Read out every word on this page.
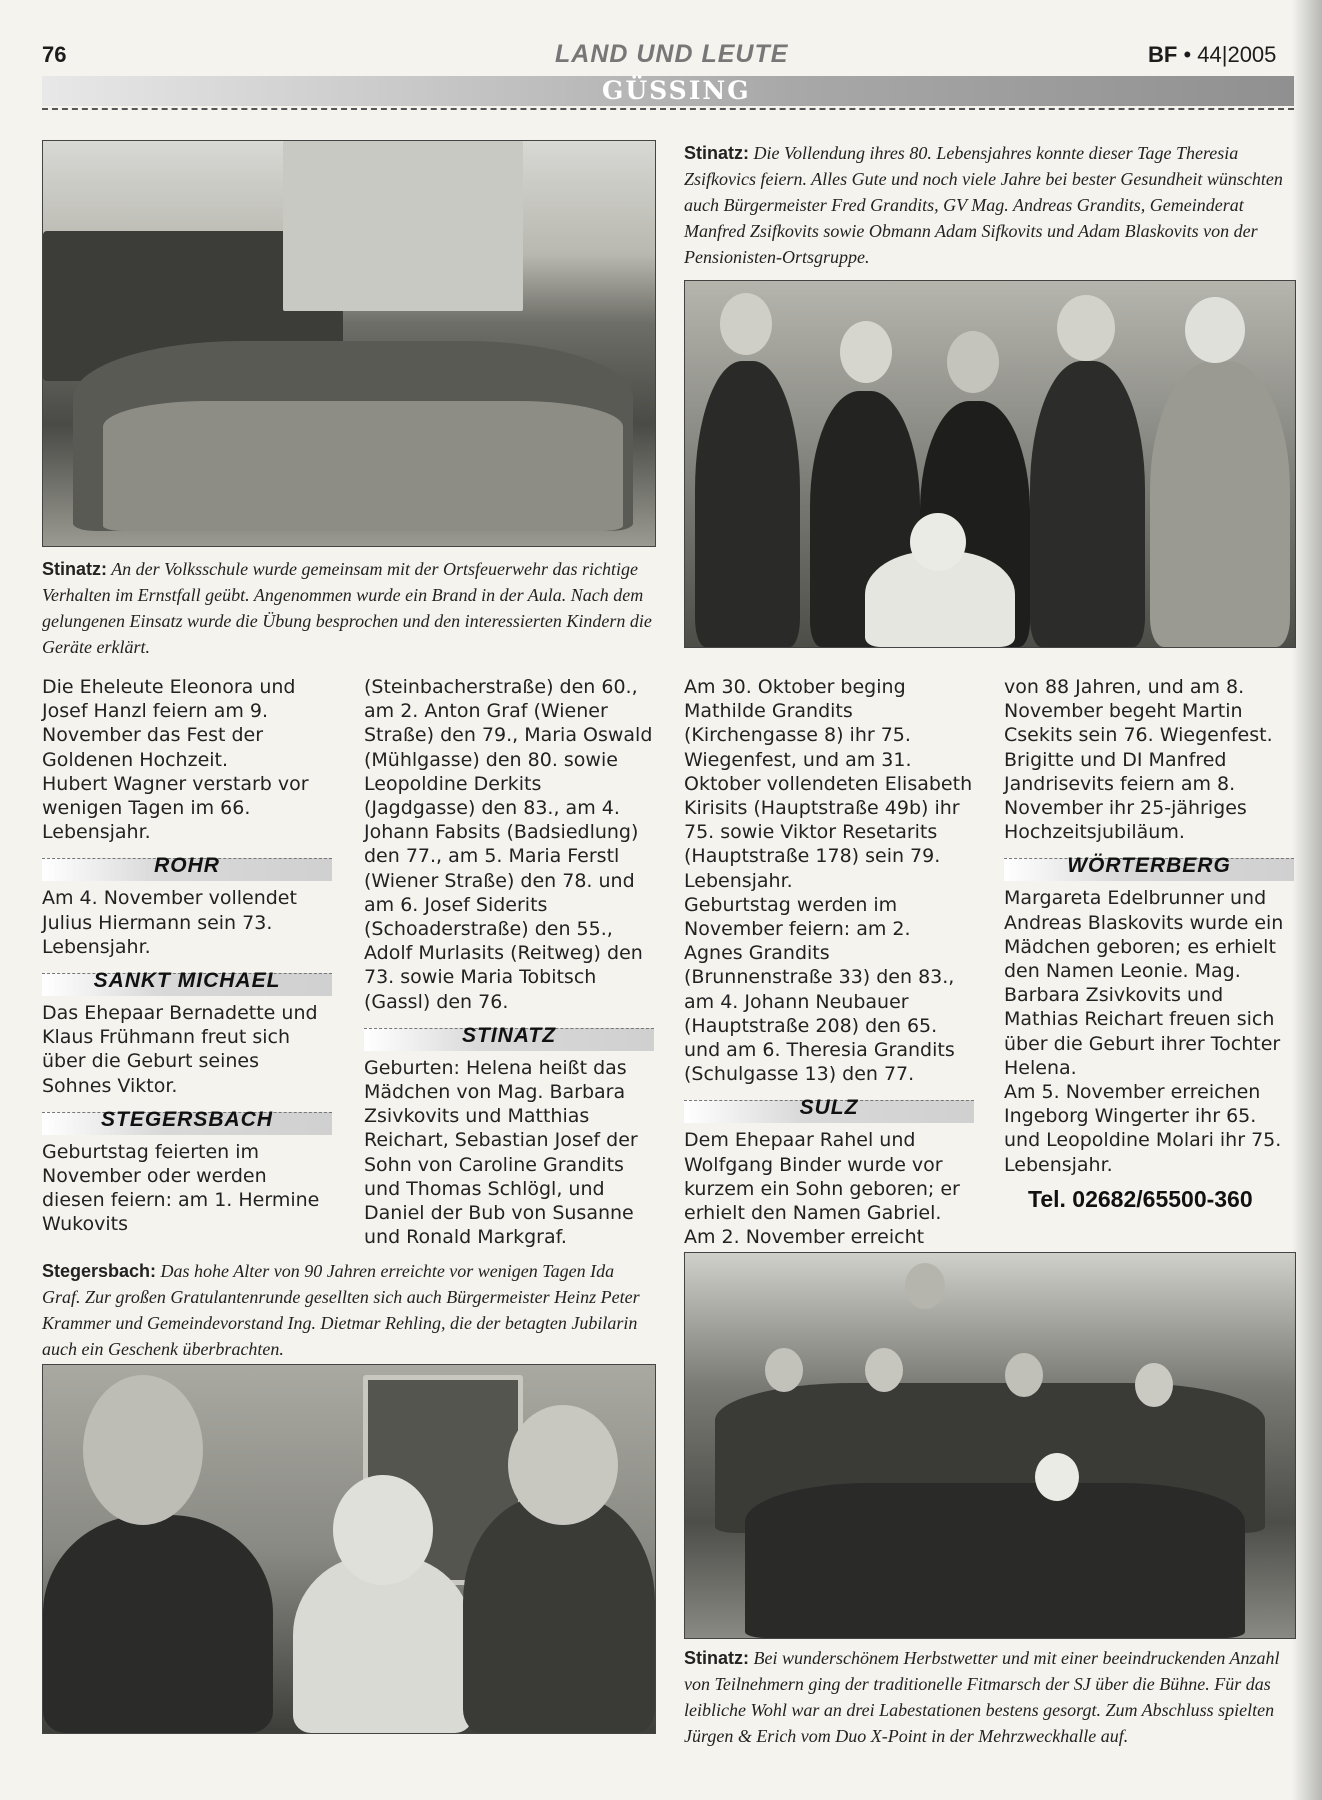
76	LAND UND LEUTE	BF • 44|2005
GÜSSING
Stinatz: An der Volksschule wurde gemeinsam mit der Ortsfeuerwehr das richtige Verhalten im Ernstfall geübt. Angenommen wurde ein Brand in der Aula. Nach dem gelungenen Einsatz wurde die Übung besprochen und den interessierten Kindern die Geräte erklärt.
Stinatz: Die Vollendung ihres 80. Lebensjahres konnte dieser Tage Theresia Zsifkovics feiern. Alles Gute und noch viele Jahre bei bester Gesundheit wünschten auch Bürgermeister Fred Grandits, GV Mag. Andreas Grandits, Gemeinderat Manfred Zsifkovits sowie Obmann Adam Sifkovits und Adam Blaskovits von der Pensionisten-Ortsgruppe.

Die Eheleute Eleonora und Josef Hanzl feiern am 9. November das Fest der Goldenen Hochzeit.

Hubert Wagner verstarb vor wenigen Tagen im 66. Lebensjahr.

ROHR

Am 4. November vollendet Julius Hiermann sein 73. Lebensjahr.

SANKT MICHAEL

Das Ehepaar Bernadette und Klaus Frühmann freut sich über die Geburt seines Sohnes Viktor.

STEGERSBACH

Geburtstag feierten im November oder werden diesen feiern: am 1. Hermine Wukovits

(Steinbacherstraße) den 60., am 2. Anton Graf (Wiener Straße) den 79., Maria Oswald (Mühlgasse) den 80. sowie Leopoldine Derkits (Jagdgasse) den 83., am 4. Johann Fabsits (Badsiedlung) den 77., am 5. Maria Ferstl (Wiener Straße) den 78. und am 6. Josef Siderits (Schoaderstraße) den 55., Adolf Murlasits (Reitweg) den 73. sowie Maria Tobitsch (Gassl) den 76.

STINATZ

Geburten: Helena heißt das Mädchen von Mag. Barbara Zsivkovits und Matthias Reichart, Sebastian Josef der Sohn von Caroline Grandits und Thomas Schlögl, und Daniel der Bub von Susanne und Ronald Markgraf.

Am 30. Oktober beging Mathilde Grandits (Kirchengasse 8) ihr 75. Wiegenfest, und am 31. Oktober vollendeten Elisabeth Kirisits (Hauptstraße 49b) ihr 75. sowie Viktor Resetarits (Hauptstraße 178) sein 79. Lebensjahr.

Geburtstag werden im November feiern: am 2. Agnes Grandits (Brunnenstraße 33) den 83., am 4. Johann Neubauer (Hauptstraße 208) den 65. und am 6. Theresia Grandits (Schulgasse 13) den 77.

SULZ

Dem Ehepaar Rahel und Wolfgang Binder wurde vor kurzem ein Sohn geboren; er erhielt den Namen Gabriel.

Am 2. November erreicht

von 88 Jahren, und am 8. November begeht Martin Csekits sein 76. Wiegenfest.

Brigitte und DI Manfred Jandrisevits feiern am 8. November ihr 25-jähriges Hochzeitsjubiläum.

WÖRTERBERG

Margareta Edelbrunner und Andreas Blaskovits wurde ein Mädchen geboren; es erhielt den Namen Leonie. Mag. Barbara Zsivkovits und Mathias Reichart freuen sich über die Geburt ihrer Tochter Helena.

Am 5. November erreichen Ingeborg Wingerter ihr 65. und Leopoldine Molari ihr 75. Lebensjahr.

Tel. 02682/65500-360
Stegersbach: Das hohe Alter von 90 Jahren erreichte vor wenigen Tagen Ida Graf. Zur großen Gratulantenrunde gesellten sich auch Bürgermeister Heinz Peter Krammer und Gemeindevorstand Ing. Dietmar Rehling, die der betagten Jubilarin auch ein Geschenk überbrachten.
Stinatz: Bei wunderschönem Herbstwetter und mit einer beeindruckenden Anzahl von Teilnehmern ging der traditionelle Fitmarsch der SJ über die Bühne. Für das leibliche Wohl war an drei Labestationen bestens gesorgt. Zum Abschluss spielten Jürgen & Erich vom Duo X-Point in der Mehrzweckhalle auf.
